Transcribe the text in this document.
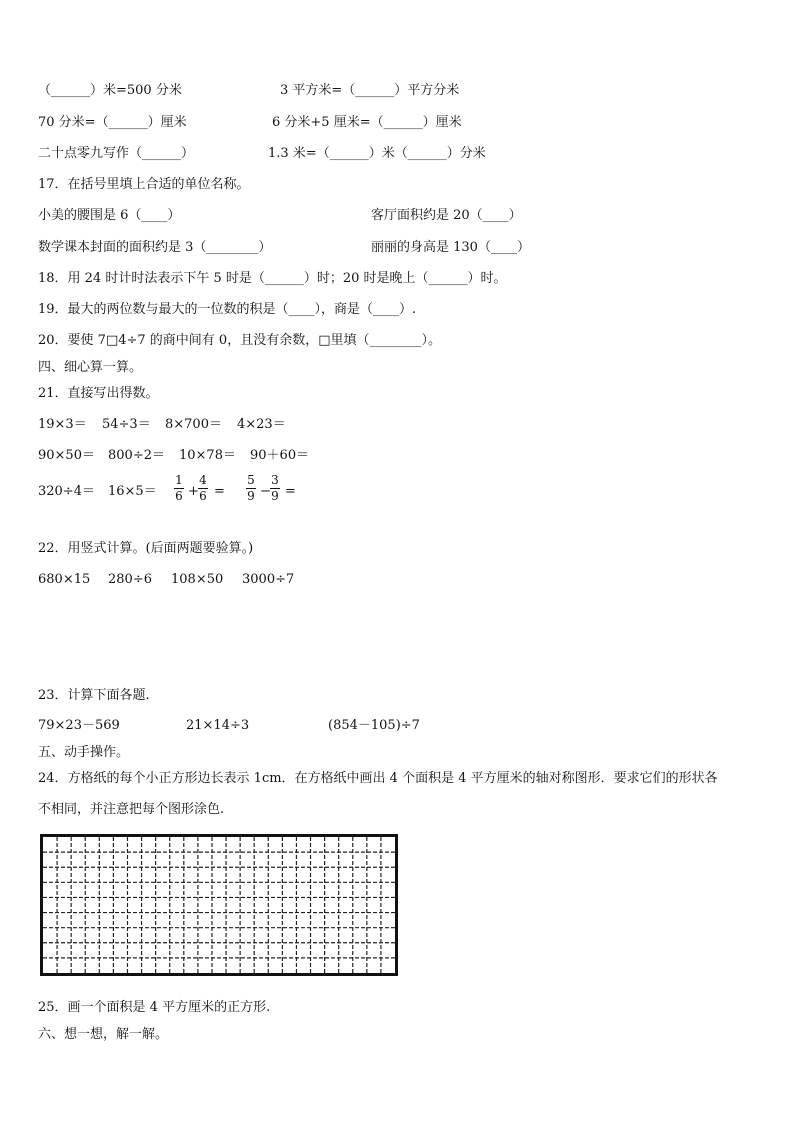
（______）米=500 分米	3 平方米=（______）平方分米
70 分米=（______）厘米	6 分米+5 厘米=（______）厘米
二十点零九写作（______）	1.3 米=（______）米（______）分米
17．在括号里填上合适的单位名称。
小美的腰围是 6（____）	客厅面积约是 20（____）
数学课本封面的面积约是 3（________）	丽丽的身高是 130（____）
18．用 24 时计时法表示下午 5 时是（______）时；20 时是晚上（______）时。
19．最大的两位数与最大的一位数的积是（____），商是（____）.
20．要使 7□4÷7 的商中间有 0，且没有余数，□里填（________）。
四、细心算一算。
21．直接写出得数。
19×3＝ 54÷3＝ 8×700＝ 4×23＝
90×50＝ 800÷2＝ 10×78＝ 90＋60＝
320÷4＝ 16×5＝
1
6 +
4
6 =
5
9 −
3
9 =
22．用竖式计算。(后面两题要验算。)
680×15 280÷6 108×50 3000÷7
23．计算下面各题.
79×23－569	21×14÷3	(854－105)÷7
五、动手操作。
24．方格纸的每个小正方形边长表示 1cm．在方格纸中画出 4 个面积是 4 平方厘米的轴对称图形．要求它们的形状各
不相同，并注意把每个图形涂色.
25．画一个面积是 4 平方厘米的正方形.
六、想一想，解一解。
